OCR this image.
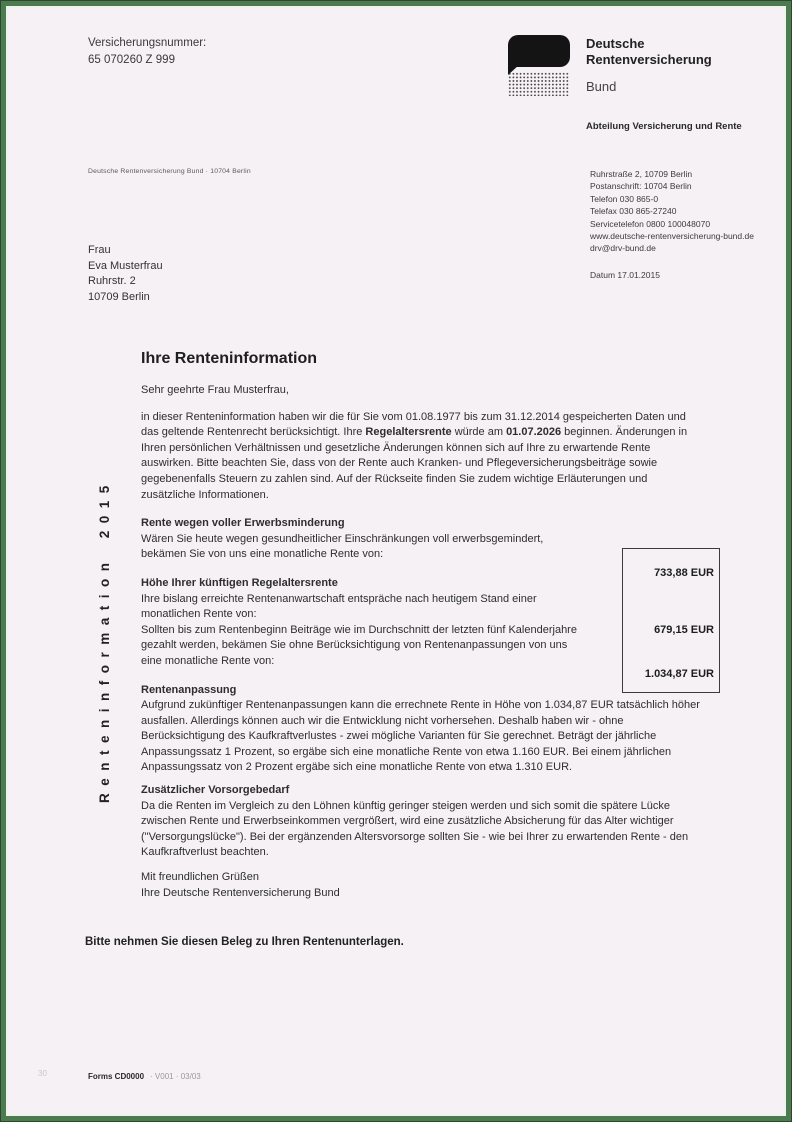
Versicherungsnummer:
65 070260 Z 999
Deutsche
Rentenversicherung
Bund
Abteilung Versicherung und Rente
Deutsche Rentenversicherung Bund · 10704 Berlin
Frau
Eva Musterfrau
Ruhrstr. 2
10709 Berlin
Ruhrstraße 2, 10709 Berlin
Postanschrift: 10704 Berlin
Telefon 030 865-0
Telefax 030 865-27240
Servicetelefon 0800 100048070
www.deutsche-rentenversicherung-bund.de
drv@drv-bund.de
Datum 17.01.2015
Renteninformation 2015
Ihre Renteninformation

Sehr geehrte Frau Musterfrau,

in dieser Renteninformation haben wir die für Sie vom 01.08.1977 bis zum 31.12.2014 gespeicherten Daten und das geltende Rentenrecht berücksichtigt. Ihre Regelaltersrente würde am 01.07.2026 beginnen. Änderungen in Ihren persönlichen Verhältnissen und gesetzliche Änderungen können sich auf Ihre zu erwartende Rente auswirken. Bitte beachten Sie, dass von der Rente auch Kranken- und Pflegeversicherungsbeiträge sowie gegebenenfalls Steuern zu zahlen sind. Auf der Rückseite finden Sie zudem wichtige Erläuterungen und zusätzliche Informationen.

Rente wegen voller Erwerbsminderung

Wären Sie heute wegen gesundheitlicher Einschränkungen voll erwerbsgemindert, bekämen Sie von uns eine monatliche Rente von:

Höhe Ihrer künftigen Regelaltersrente

Ihre bislang erreichte Rentenanwartschaft entspräche nach heutigem Stand einer monatlichen Rente von:

Sollten bis zum Rentenbeginn Beiträge wie im Durchschnitt der letzten fünf Kalenderjahre gezahlt werden, bekämen Sie ohne Berücksichtigung von Rentenanpassungen von uns eine monatliche Rente von:

Rentenanpassung

Aufgrund zukünftiger Rentenanpassungen kann die errechnete Rente in Höhe von 1.034,87 EUR tatsächlich höher ausfallen. Allerdings können auch wir die Entwicklung nicht vorhersehen. Deshalb haben wir - ohne Berücksichtigung des Kaufkraftverlustes - zwei mögliche Varianten für Sie gerechnet. Beträgt der jährliche Anpassungssatz 1 Prozent, so ergäbe sich eine monatliche Rente von etwa 1.160 EUR. Bei einem jährlichen Anpassungssatz von 2 Prozent ergäbe sich eine monatliche Rente von etwa 1.310 EUR.

Zusätzlicher Vorsorgebedarf

Da die Renten im Vergleich zu den Löhnen künftig geringer steigen werden und sich somit die spätere Lücke zwischen Rente und Erwerbseinkommen vergrößert, wird eine zusätzliche Absicherung für das Alter wichtiger ("Versorgungslücke"). Bei der ergänzenden Altersvorsorge sollten Sie - wie bei Ihrer zu erwartenden Rente - den Kaufkraftverlust beachten.

Mit freundlichen Grüßen

Ihre Deutsche Rentenversicherung Bund

733,88 EUR
679,15 EUR
1.034,87 EUR
Bitte nehmen Sie diesen Beleg zu Ihren Rentenunterlagen.
30	Forms CD0000 · V001 · 03/03
